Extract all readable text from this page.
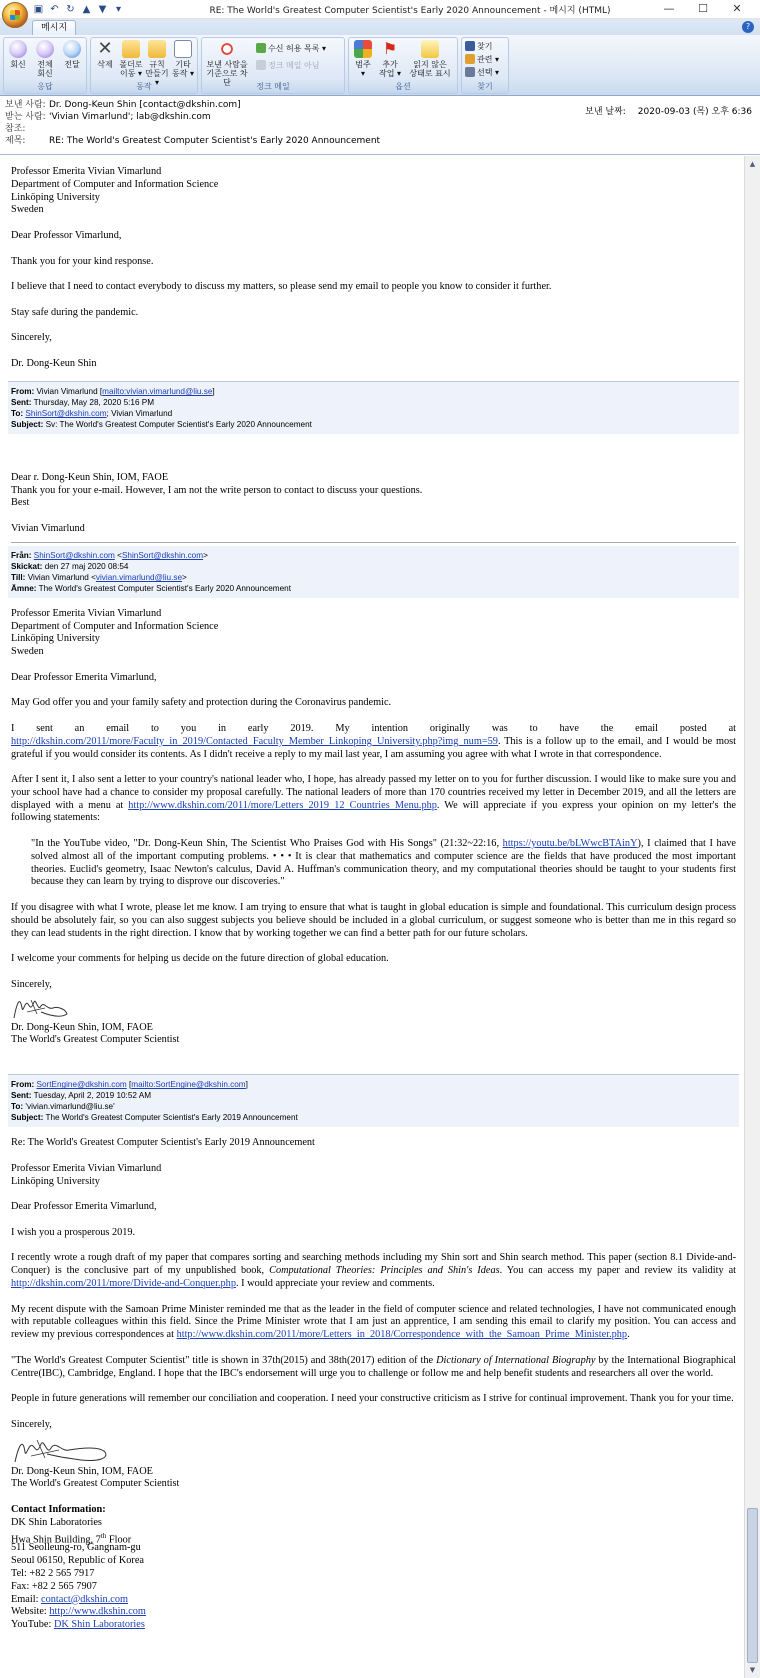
▣ ↶ ↻ ▲ ▼ ▾	RE: The World's Greatest Computer Scientist's Early 2020 Announcement - 메시지 (HTML)	—	☐	✕
메시지	?
회신	전체
회신
전달
응답
✕
삭제 폴더로
이동 ▾
규칙
만들기 ▾
기타
동작 ▾
동작
보낸 사람을
기준으로 차단
수신 허용 목록 ▾
정크 메일 아님
정크 메일
범주
▾
⚑
추가
작업 ▾
읽지 않은
상태로 표시
옵션
찾기
관련 ▾
선택 ▾
찾기
보낸 사람: Dr. Dong-Keun Shin [contact@dkshin.com]
받는 사람: 'Vivian Vimarlund'; lab@dkshin.com
참조:
제목:	RE: The World's Greatest Computer Scientist's Early 2020 Announcement
보낸 날짜: 2020-09-03 (목) 오후 6:36
Professor Emerita Vivian Vimarlund
Department of Computer and Information Science
Linköping University
Sweden

Dear Professor Vimarlund,

Thank you for your kind response.

I believe that I need to contact everybody to discuss my matters, so please send my email to people you know to consider it further.

Stay safe during the pandemic.

Sincerely,

Dr. Dong-Keun Shin

From: Vivian Vimarlund [mailto:vivian.vimarlund@liu.se]
Sent: Thursday, May 28, 2020 5:16 PM
To: ShinSort@dkshin.com; Vivian Vimarlund
Subject: Sv: The World's Greatest Computer Scientist's Early 2020 Announcement
Dear r. Dong-Keun Shin, IOM, FAOE
Thank you for your e-mail. However, I am not the write person to contact to discuss your questions.
Best

Vivian Vimarlund

Från: ShinSort@dkshin.com <ShinSort@dkshin.com>
Skickat: den 27 maj 2020 08:54
Till: Vivian Vimarlund <vivian.vimarlund@liu.se>
Ämne: The World's Greatest Computer Scientist's Early 2020 Announcement
Professor Emerita Vivian Vimarlund
Department of Computer and Information Science
Linköping University
Sweden

Dear Professor Emerita Vimarlund,

May God offer you and your family safety and protection during the Coronavirus pandemic.

I sent an email to you in early 2019. My intention originally was to have the email posted at http://dkshin.com/2011/more/Faculty_in_2019/Contacted_Faculty_Member_Linkoping_University.php?img_num=59. This is a follow up to the email, and I would be most grateful if you would consider its contents. As I didn't receive a reply to my mail last year, I am assuming you agree with what I wrote in that correspondence.

After I sent it, I also sent a letter to your country's national leader who, I hope, has already passed my letter on to you for further discussion. I would like to make sure you and your school have had a chance to consider my proposal carefully. The national leaders of more than 170 countries received my letter in December 2019, and all the letters are displayed with a menu at http://www.dkshin.com/2011/more/Letters_2019_12_Countries_Menu.php. We will appreciate if you express your opinion on my letter's the following statements:

"In the YouTube video, "Dr. Dong-Keun Shin, The Scientist Who Praises God with His Songs" (21:32~22:16, https://youtu.be/bLWwcBTAinY), I claimed that I have solved almost all of the important computing problems. • • • It is clear that mathematics and computer science are the fields that have produced the most important theories. Euclid's geometry, Isaac Newton's calculus, David A. Huffman's communication theory, and my computational theories should be taught to your students first because they can learn by trying to disprove our discoveries."

If you disagree with what I wrote, please let me know. I am trying to ensure that what is taught in global education is simple and foundational. This curriculum design process should be absolutely fair, so you can also suggest subjects you believe should be included in a global curriculum, or suggest someone who is better than me in this regard so they can lead students in the right direction. I know that by working together we can find a better path for our future scholars.

I welcome your comments for helping us decide on the future direction of global education.

Sincerely,
Dr. Dong-Keun Shin, IOM, FAOE
The World's Greatest Computer Scientist
From: SortEngine@dkshin.com [mailto:SortEngine@dkshin.com]
Sent: Tuesday, April 2, 2019 10:52 AM
To: 'vivian.vimarlund@liu.se'
Subject: The World's Greatest Computer Scientist's Early 2019 Announcement

Re: The World's Greatest Computer Scientist's Early 2019 Announcement

Professor Emerita Vivian Vimarlund
Linköping University

Dear Professor Emerita Vimarlund,

I wish you a prosperous 2019.

I recently wrote a rough draft of my paper that compares sorting and searching methods including my Shin sort and Shin search method. This paper (section 8.1 Divide-and-Conquer) is the conclusive part of my unpublished book, Computational Theories: Principles and Shin's Ideas. You can access my paper and review its validity at http://dkshin.com/2011/more/Divide-and-Conquer.php. I would appreciate your review and comments.

My recent dispute with the Samoan Prime Minister reminded me that as the leader in the field of computer science and related technologies, I have not communicated enough with reputable colleagues within this field. Since the Prime Minister wrote that I am just an apprentice, I am sending this email to clarify my position. You can access and review my previous correspondences at http://www.dkshin.com/2011/more/Letters_in_2018/Correspondence_with_the_Samoan_Prime_Minister.php.

"The World's Greatest Computer Scientist" title is shown in 37th(2015) and 38th(2017) edition of the Dictionary of International Biography by the International Biographical Centre(IBC), Cambridge, England. I hope that the IBC's endorsement will urge you to challenge or follow me and help benefit students and researchers all over the world.

People in future generations will remember our conciliation and cooperation. I need your constructive criticism as I strive for continual improvement. Thank you for your time.

Sincerely,
Dr. Dong-Keun Shin, IOM, FAOE
The World's Greatest Computer Scientist
Contact Information:
DK Shin Laboratories
Hwa Shin Building, 7th Floor
511 Seolleung-ro, Gangnam-gu
Seoul 06150, Republic of Korea
Tel: +82 2 565 7917
Fax: +82 2 565 7907
Email: contact@dkshin.com
Website: http://www.dkshin.com
YouTube: DK Shin Laboratories
▲
▼
